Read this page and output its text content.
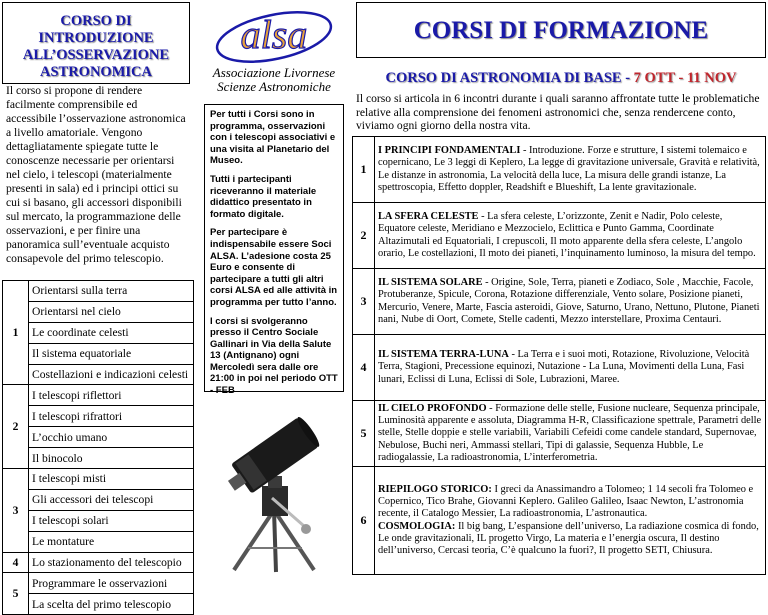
CORSO DI INTRODUZIONE ALL’OSSERVAZIONE ASTRONOMICA
Il corso si propone di rendere facilmente comprensibile ed accessibile l’osservazione astronomica a livello amatoriale. Vengono dettagliatamente spiegate tutte le conoscenze necessarie per orientarsi nel cielo, i telescopi (materialmente presenti in sala) ed i principi ottici su cui si basano, gli accessori disponibili sul mercato, la programmazione delle osservazioni, e per finire una panoramica sull’eventuale acquisto consapevole del primo telescopio.
1	Orientarsi sulla terra
	Orientarsi nel cielo
	Le coordinate celesti
	Il sistema equatoriale
	Costellazioni e indicazioni celesti
2	I telescopi riflettori
	I telescopi rifrattori
	L’occhio umano
	Il binocolo
3	I telescopi misti
	Gli accessori dei telescopi
	I telescopi solari
	Le montature
4	Lo stazionamento del telescopio
5	Programmare le osservazioni
	La scelta del primo telescopio
alsa
Associazione Livornese
Scienze Astronomiche

Per tutti i Corsi sono in programma, osservazioni con i telescopi associativi e una visita al Planetario del Museo.

Tutti i partecipanti riceveranno il materiale didattico presentato in formato digitale.

Per partecipare è indispensabile essere Soci ALSA. L’adesione costa 25 Euro e consente di partecipare a tutti gli altri corsi ALSA ed alle attività in programma per tutto l’anno.

I corsi si svolgeranno presso il Centro Sociale Gallinari in Via della Salute 13 (Antignano) ogni Mercoledì sera dalle ore 21:00 in poi nel periodo OTT - FEB

CORSI DI FORMAZIONE
CORSO DI ASTRONOMIA DI BASE - 7 OTT - 11 NOV
Il corso si articola in 6 incontri durante i quali saranno affrontate tutte le problematiche relative alla comprensione dei fenomeni astronomici che, senza rendercene conto, viviamo ogni giorno della nostra vita.
1	I PRINCIPI FONDAMENTALI - Introduzione. Forze e strutture, I sistemi tolemaico e copernicano, Le 3 leggi di Keplero, La legge di gravitazione universale, Gravità e relatività, Le distanze in astronomia, La velocità della luce, La misura delle grandi istanze, La spettroscopia, Effetto doppler, Readshift e Blueshift, La lente gravitazionale.
2	LA SFERA CELESTE - La sfera celeste, L’orizzonte, Zenit e Nadir, Polo celeste, Equatore celeste, Meridiano e Mezzocielo, Eclittica e Punto Gamma, Coordinate Altazimutali ed Equatoriali, I crepuscoli, Il moto apparente della sfera celeste, L’angolo orario, Le costellazioni, Il moto dei pianeti, l’inquinamento luminoso, la misura del tempo.
3	IL SISTEMA SOLARE - Origine, Sole, Terra, pianeti e Zodiaco, Sole , Macchie, Facole, Protuberanze, Spicule, Corona, Rotazione differenziale, Vento solare, Posizione pianeti, Mercurio, Venere, Marte, Fascia asteroidi, Giove, Saturno, Urano, Nettuno, Plutone, Pianeti nani, Nube di Oort, Comete, Stelle cadenti, Mezzo interstellare, Proxima Centauri.
4	IL SISTEMA TERRA-LUNA - La Terra e i suoi moti, Rotazione, Rivoluzione, Velocità Terra, Stagioni, Precessione equinozi, Nutazione - La Luna, Movimenti della Luna, Fasi lunari, Eclissi di Luna, Eclissi di Sole, Lubrazioni, Maree.
5	IL CIELO PROFONDO - Formazione delle stelle, Fusione nucleare, Sequenza principale, Luminosità apparente e assoluta, Diagramma H-R, Classificazione spettrale, Parametri delle stelle, Stelle doppie e stelle variabili, Variabili Cefeidi come candele standard, Supernovae, Nebulose, Buchi neri, Ammassi stellari, Tipi di galassie, Sequenza Hubble, Le radiogalassie, La radioastronomia, L’interferometria.
6	RIEPILOGO STORICO: I greci da Anassimandro a Tolomeo; 1 14 secoli fra Tolomeo e Copernico, Tico Brahe, Giovanni Keplero. Galileo Galileo, Isaac Newton, L’astronomia recente, il Catalogo Messier, La radioastronomia, L’astronautica.
COSMOLOGIA: Il big bang, L’espansione dell’universo, La radiazione cosmica di fondo, Le onde gravitazionali, IL progetto Virgo, La materia e l’energia oscura, Il destino dell’universo, Cercasi teoria, C’è qualcuno la fuori?, Il progetto SETI, Chiusura.
